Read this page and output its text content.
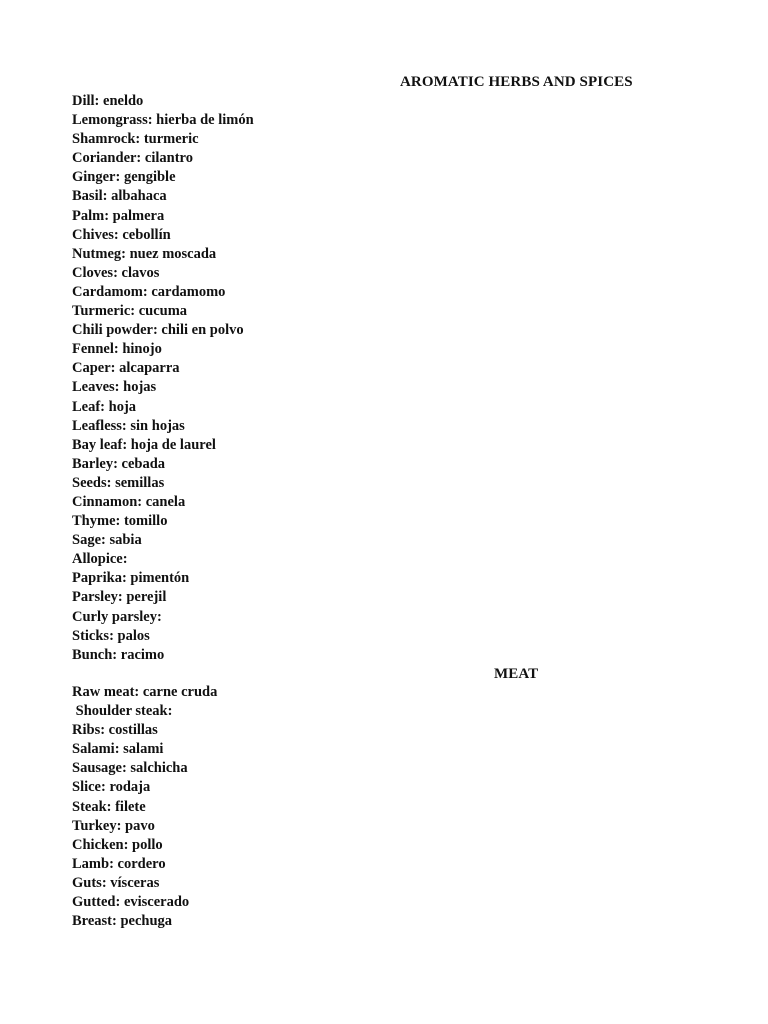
AROMATIC HERBS AND SPICES
Dill: eneldo
Lemongrass: hierba de limón
Shamrock: turmeric
Coriander: cilantro
Ginger: gengible
Basil: albahaca
Palm: palmera
Chives: cebollín
Nutmeg: nuez moscada
Cloves: clavos
Cardamom: cardamomo
Turmeric: cucuma
Chili powder: chili en polvo
Fennel: hinojo
Caper: alcaparra
Leaves: hojas
Leaf: hoja
Leafless: sin hojas
Bay leaf: hoja de laurel
Barley: cebada
Seeds: semillas
Cinnamon: canela
Thyme: tomillo
Sage: sabia
Allopice:
Paprika: pimentón
Parsley: perejil
Curly parsley:
Sticks: palos
Bunch: racimo
MEAT
Raw meat: carne cruda
Shoulder steak:
Ribs: costillas
Salami: salami
Sausage: salchicha
Slice: rodaja
Steak: filete
Turkey: pavo
Chicken: pollo
Lamb: cordero
Guts: vísceras
Gutted: eviscerado
Breast: pechuga
